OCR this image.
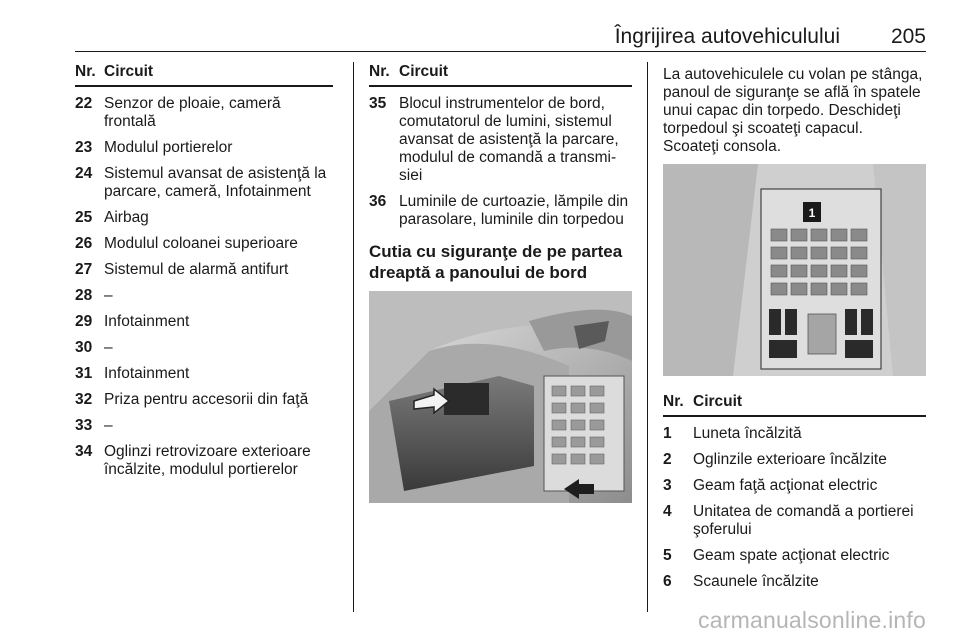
Îngrijirea autovehiculului 205
Nr. Circuit
22 Senzor de ploaie, cameră frontală
23 Modulul portierelor
24 Sistemul avansat de asistenţă la parcare, cameră, Infotainment
25 Airbag
26 Modulul coloanei superioare
27 Sistemul de alarmă antifurt
28 –
29 Infotainment
30 –
31 Infotainment
32 Priza pentru accesorii din faţă
33 –
34 Oglinzi retrovizoare exterioare încălzite, modulul portierelor
Nr. Circuit
35 Blocul instrumentelor de bord, comutatorul de lumini, sistemul avansat de asistenţă la parcare, modulul de comandă a transmi-siei
36 Luminile de curtoazie, lămpile din parasolare, luminile din torpedou
Cutia cu siguranţe de pe partea dreaptă a panoului de bord

La autovehiculele cu volan pe stânga, panoul de siguranţe se află în spatele unui capac din torpedo. Deschideţi torpedoul şi scoateţi capacul.

Scoateţi consola.

1
Nr. Circuit
1	Luneta încălzită
2	Oglinzile exterioare încălzite
3	Geam faţă acţionat electric
4	Unitatea de comandă a portierei şoferului
5	Geam spate acţionat electric
6	Scaunele încălzite
carmanualsonline.info
